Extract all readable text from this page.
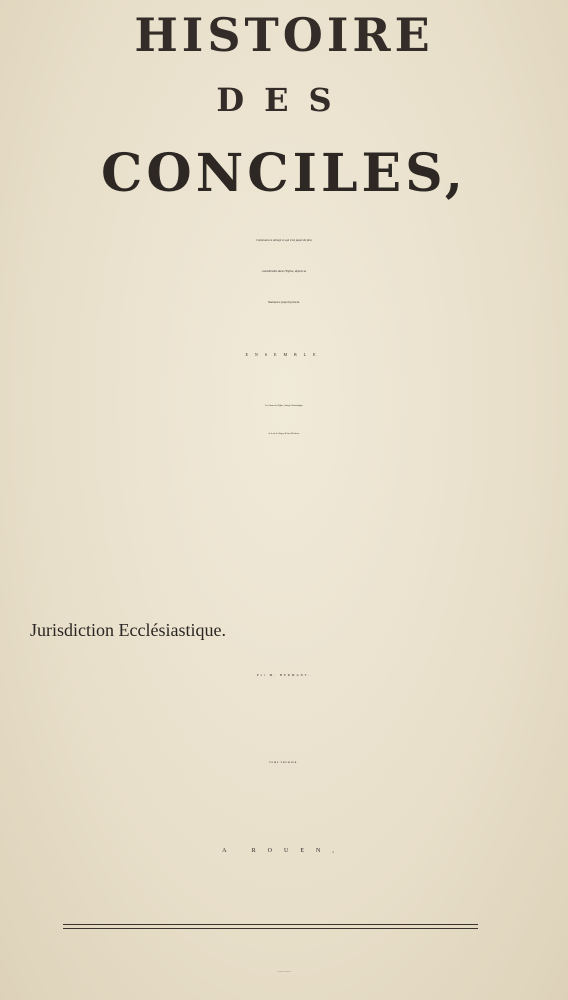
HISTOIRE
DES
CONCILES,
Contenant en abregé ce qui s'est passé de plus
considérable dans l'Eglise, depuis sa
Naissance jusqu'à present.
ENSEMBLE
Les Canons de l'Eglise, l'abregé Chronologique
de la vie des Papes, & leurs Décisions.
Jurisdiction Ecclésiastique.
Par M. HERMANT.
TOME PREMIER.
A ROUEN,
Avec Aprobation & Privilége du Roy.
